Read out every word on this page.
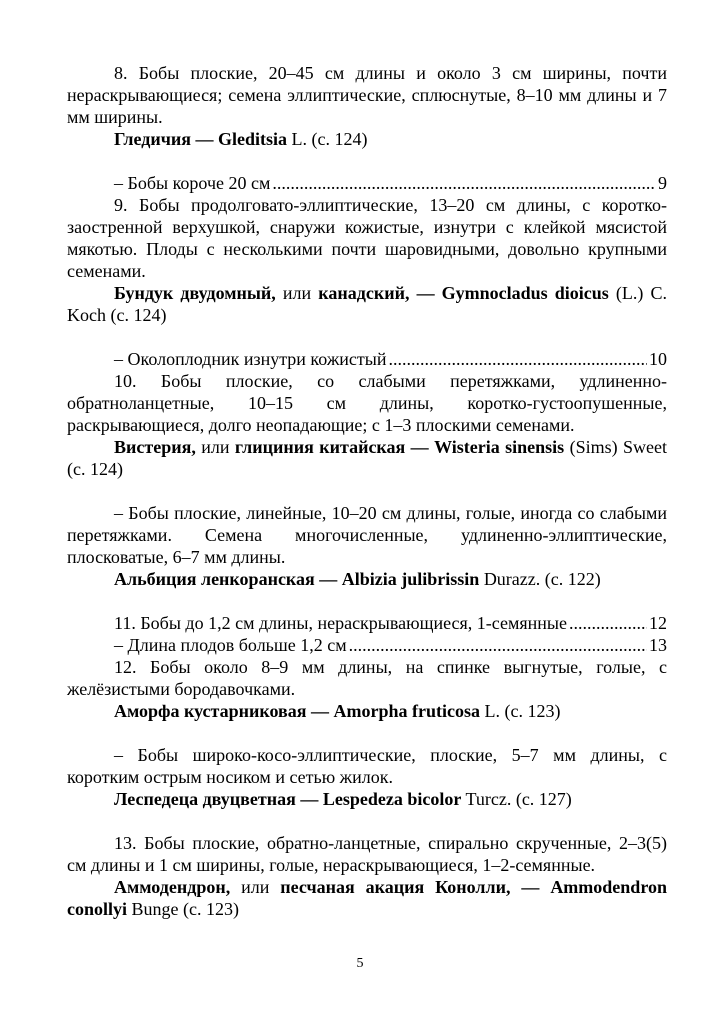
8. Бобы плоские, 20–45 см длины и около 3 см ширины, почти нераскрывающиеся; семена эллиптические, сплюснутые, 8–10 мм длины и 7 мм ширины.

Гледичия — Gleditsia L. (с. 124)

– Бобы короче 20 см .....	9

9. Бобы продолговато-эллиптические, 13–20 см длины, с коротко-заостренной верхушкой, снаружи кожистые, изнутри с клейкой мясистой мякотью. Плоды с несколькими почти шаровидными, довольно крупными семенами.

Бундук двудомный, или канадский, — Gymnocladus dioicus (L.) C. Koch (с. 124)

– Околоплодник изнутри кожистый .....	10

10. Бобы плоские, со слабыми перетяжками, удлиненно-обратноланцетные, 10–15 см длины, коротко-густоопушенные, раскрывающиеся, долго неопадающие; с 1–3 плоскими семенами.

Вистерия, или глициния китайская — Wisteria sinensis (Sims) Sweet (с. 124)

– Бобы плоские, линейные, 10–20 см длины, голые, иногда со слабыми перетяжками. Семена многочисленные, удлиненно-эллиптические, плосковатые, 6–7 мм длины.

Альбиция ленкоранская — Albizia julibrissin Durazz. (с. 122)

11. Бобы до 1,2 см длины, нераскрывающиеся, 1-семянные .....	12

– Длина плодов больше 1,2 см .....	13

12. Бобы около 8–9 мм длины, на спинке выгнутые, голые, с желёзистыми бородавочками.

Аморфа кустарниковая — Amorpha fruticosa L. (с. 123)

– Бобы широко-косо-эллиптические, плоские, 5–7 мм длины, с коротким острым носиком и сетью жилок.

Леспедеца двуцветная — Lespedeza bicolor Turcz. (с. 127)

13. Бобы плоские, обратно-ланцетные, спирально скрученные, 2–3(5) см длины и 1 см ширины, голые, нераскрывающиеся, 1–2-семянные.

Аммодендрон, или песчаная акация Конолли, — Ammodendron conollyi Bunge (с. 123)

5
